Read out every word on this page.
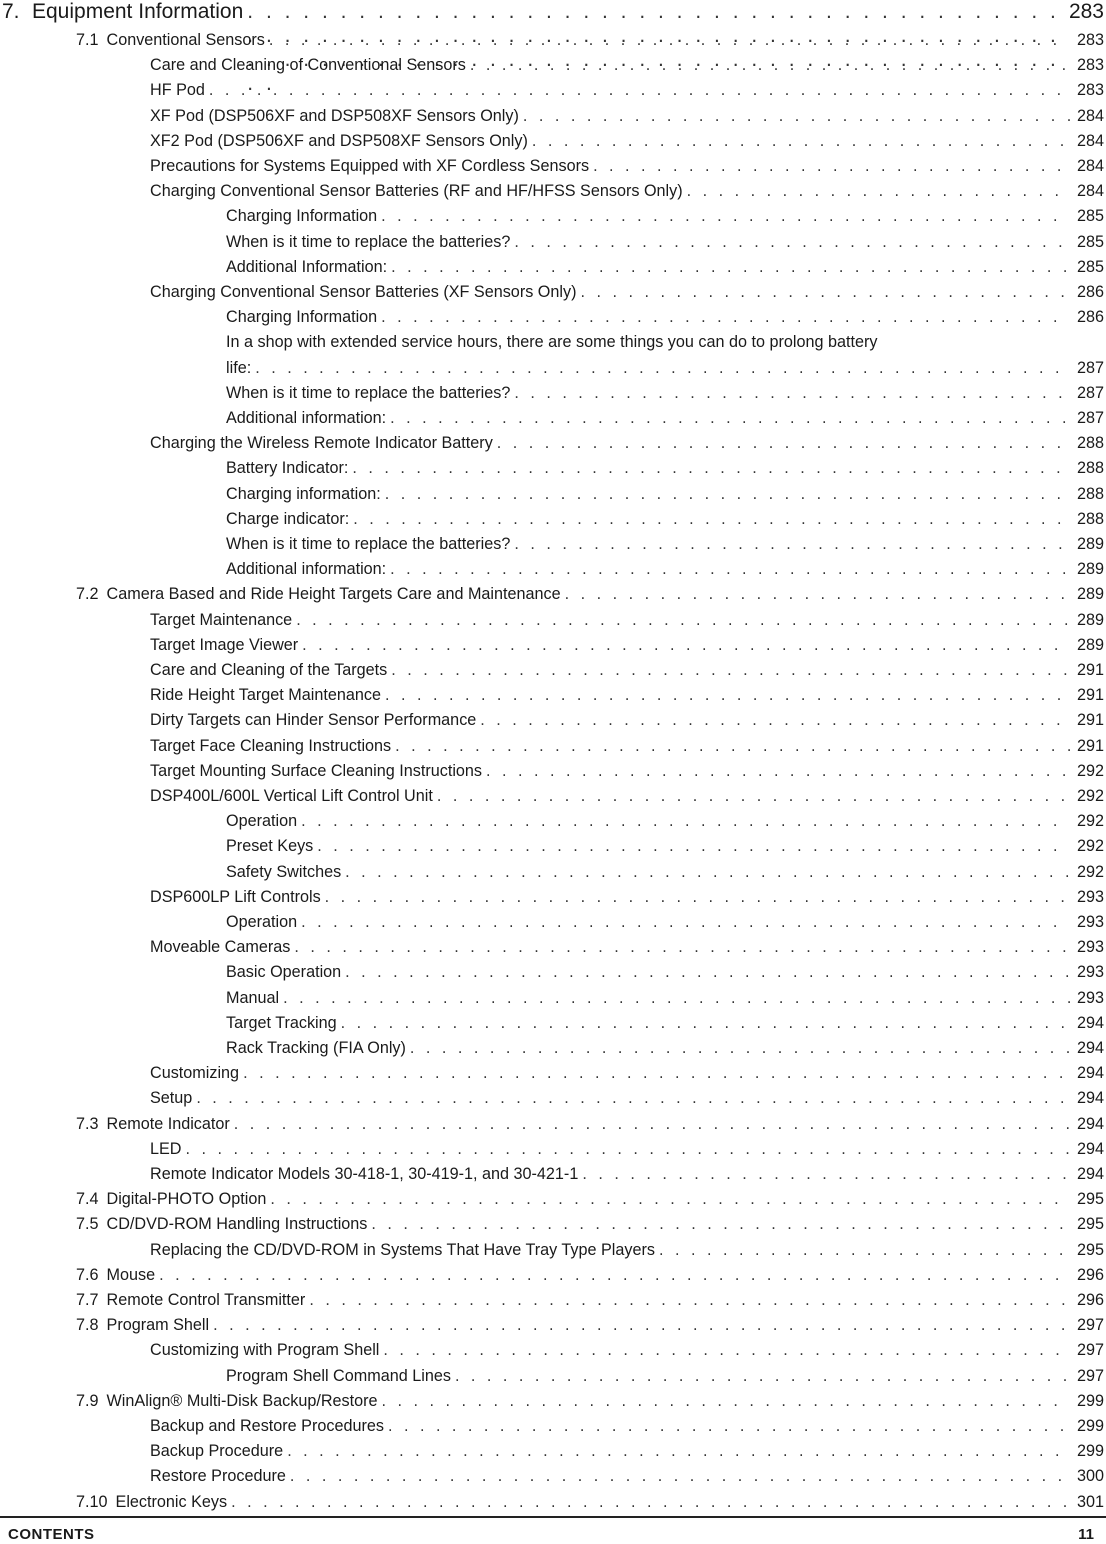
7. Equipment Information . . .	283
7.1 Conventional Sensors . . .	283
Care and Cleaning of Conventional Sensors . . .	283
HF Pod . . .	283
XF Pod (DSP506XF and DSP508XF Sensors Only) . . .	284
XF2 Pod (DSP506XF and DSP508XF Sensors Only) . . .	284
Precautions for Systems Equipped with XF Cordless Sensors . . .	284
Charging Conventional Sensor Batteries (RF and HF/HFSS Sensors Only) . . .	284
Charging Information . . .	285
When is it time to replace the batteries? . . .	285
Additional Information: . . .	285
Charging Conventional Sensor Batteries (XF Sensors Only) . . .	286
Charging Information . . .	286
In a shop with extended service hours, there are some things you can do to prolong battery
life: . . .	287
When is it time to replace the batteries? . . .	287
Additional information: . . .	287
Charging the Wireless Remote Indicator Battery . . .	288
Battery Indicator: . . .	288
Charging information: . . .	288
Charge indicator: . . .	288
When is it time to replace the batteries? . . .	289
Additional information: . . .	289
7.2 Camera Based and Ride Height Targets Care and Maintenance . . .	289
Target Maintenance . . .	289
Target Image Viewer . . .	289
Care and Cleaning of the Targets . . .	291
Ride Height Target Maintenance . . .	291
Dirty Targets can Hinder Sensor Performance . . .	291
Target Face Cleaning Instructions . . .	291
Target Mounting Surface Cleaning Instructions . . .	292
DSP400L/600L Vertical Lift Control Unit . . .	292
Operation . . .	292
Preset Keys . . .	292
Safety Switches . . .	292
DSP600LP Lift Controls . . .	293
Operation . . .	293
Moveable Cameras . . .	293
Basic Operation . . .	293
Manual . . .	293
Target Tracking . . .	294
Rack Tracking (FIA Only) . . .	294
Customizing . . .	294
Setup . . .	294
7.3 Remote Indicator . . .	294
LED . . .	294
Remote Indicator Models 30-418-1, 30-419-1, and 30-421-1 . . .	294
7.4 Digital-PHOTO Option . . .	295
7.5 CD/DVD-ROM Handling Instructions . . .	295
Replacing the CD/DVD-ROM in Systems That Have Tray Type Players . . .	295
7.6 Mouse . . .	296
7.7 Remote Control Transmitter . . .	296
7.8 Program Shell . . .	297
Customizing with Program Shell . . .	297
Program Shell Command Lines . . .	297
7.9 WinAlign® Multi-Disk Backup/Restore . . .	299
Backup and Restore Procedures . . .	299
Backup Procedure . . .	299
Restore Procedure . . .	300
7.10 Electronic Keys . . .	301
CONTENTS	11
